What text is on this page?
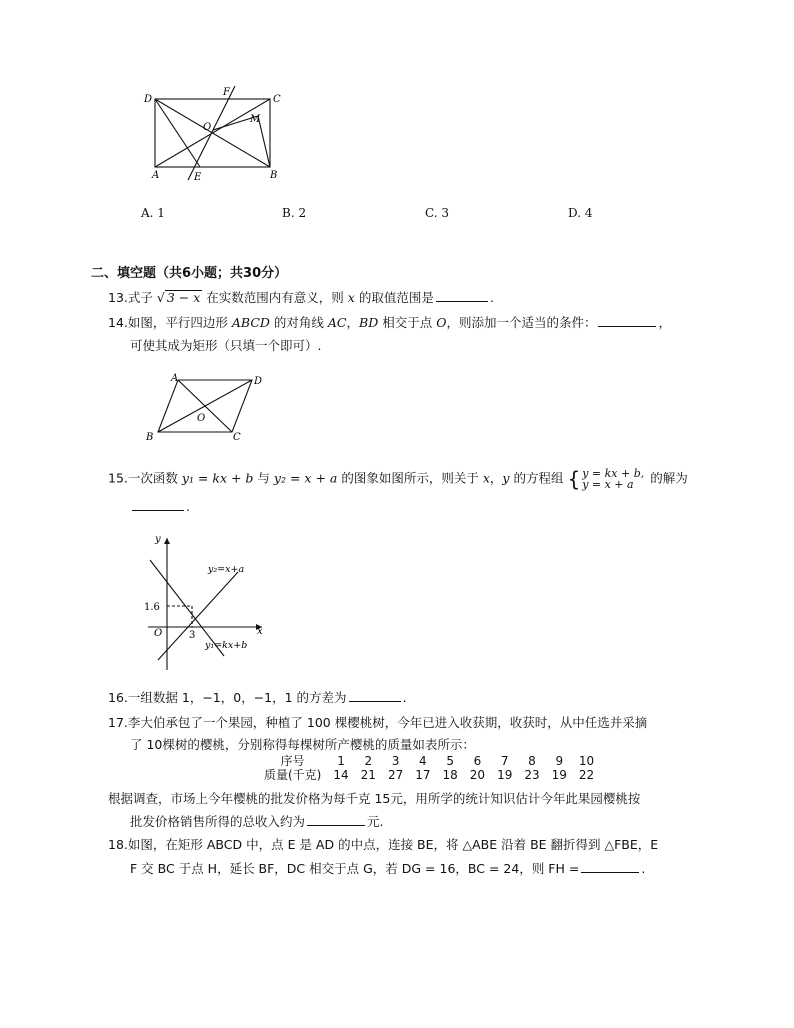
D
F
C
O
M
A	E	B
A. 1	B. 2	C. 3	D. 4
二、填空题（共6小题；共30分）
13.式子 √ 3 − x 在实数范围内有意义，则 x 的取值范围是	.
14.如图，平行四边形 ABCD 的对角线 AC，BD 相交于点 O，则添加一个适当的条件：	，
可使其成为矩形（只填一个即可）.
A	D
O
B	C
15.一次函数 y₁ = kx + b 与 y₂ = x + a 的图象如图所示，则关于 x，y 的方程组 { y = kx + b,
y = x + a 的解为
.
y
x
O
1.6
3
y₂=x+a
y₁=kx+b
16.一组数据 1，−1，0，−1，1 的方差为	.
17.李大伯承包了一个果园，种植了 100 棵樱桃树，今年已进入收获期，收获时，从中任选并采摘
了 10棵树的樱桃，分别称得每棵树所产樱桃的质量如表所示：
序号	1	2	3	4	5	6	7	8	9	10
质量(千克)	14	21	27	17	18	20	19	23	19	22
根据调查，市场上今年樱桃的批发价格为每千克 15元，用所学的统计知识估计今年此果园樱桃按
批发价格销售所得的总收入约为	元.
18.如图，在矩形 ABCD 中，点 E 是 AD 的中点，连接 BE，将 △ABE 沿着 BE 翻折得到 △FBE，E
F 交 BC 于点 H，延长 BF，DC 相交于点 G，若 DG = 16，BC = 24，则 FH =	.
